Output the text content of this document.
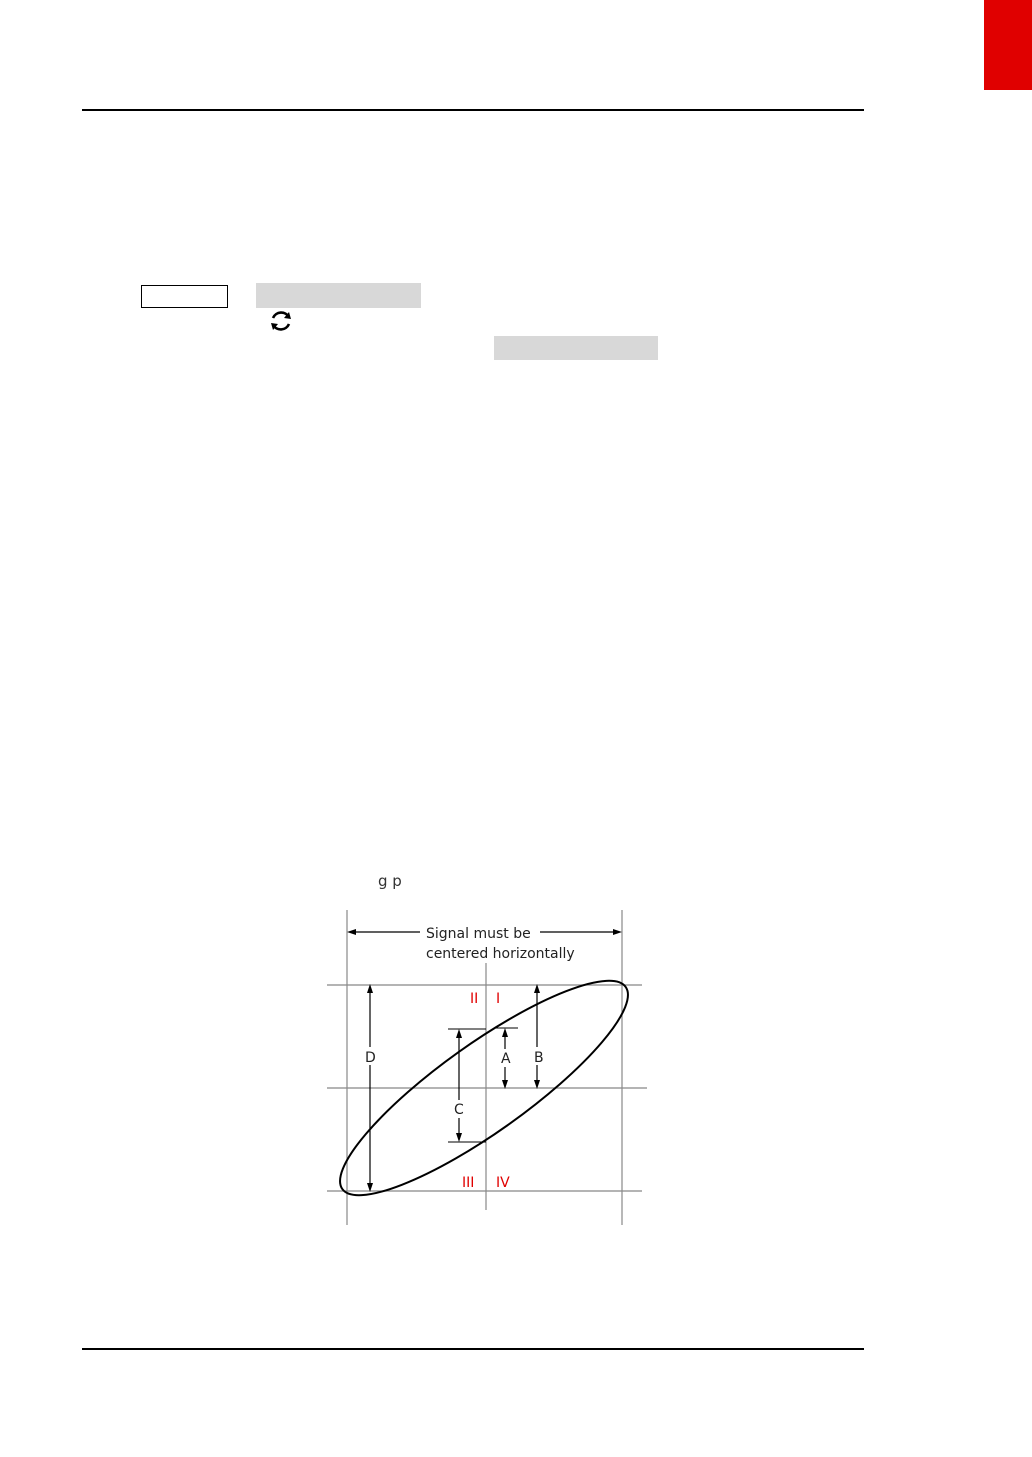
g p
Signal must be
centered horizontally
D	B
A
C
II I
III IV
